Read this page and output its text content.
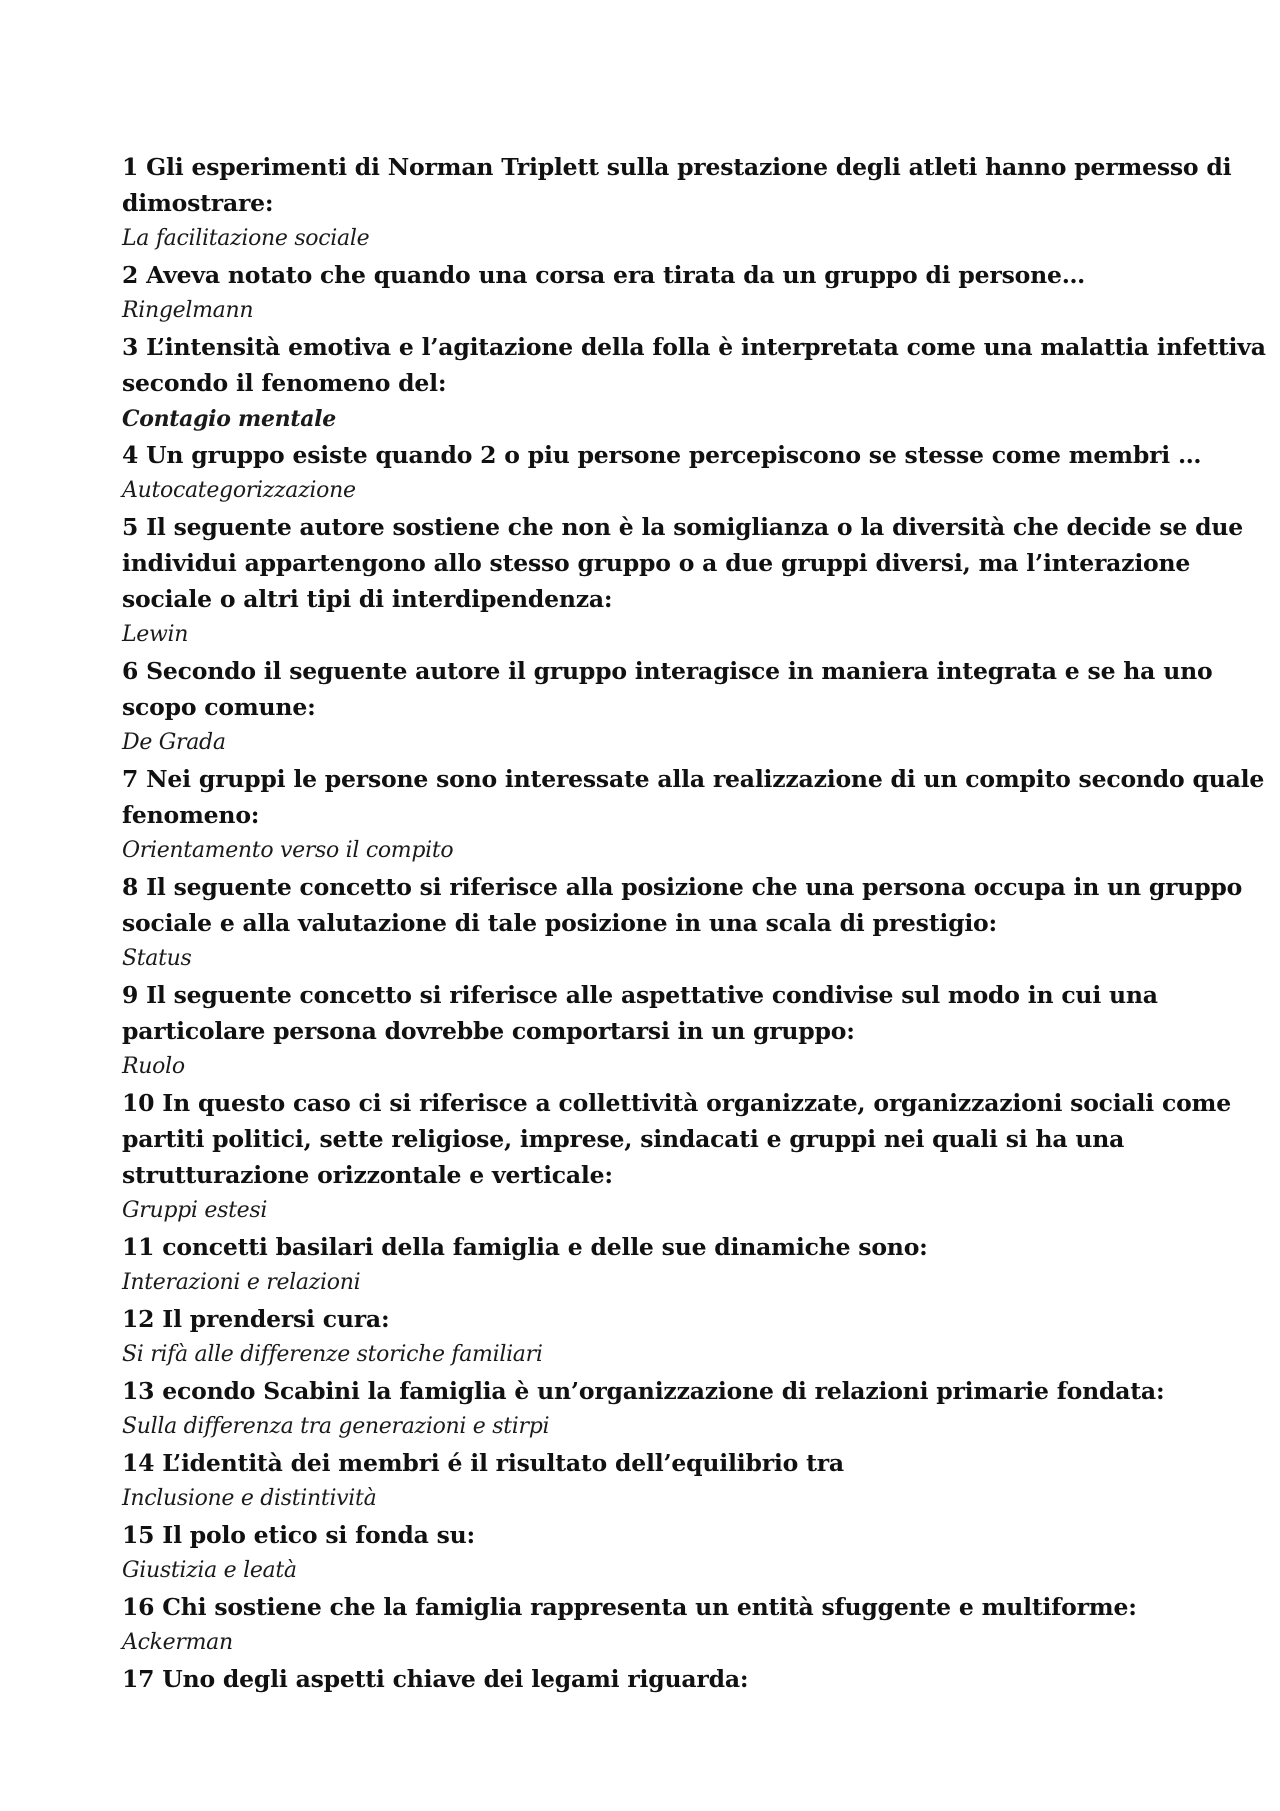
1 Gli esperimenti di Norman Triplett sulla prestazione degli atleti hanno permesso di
dimostrare:
La facilitazione sociale
2 Aveva notato che quando una corsa era tirata da un gruppo di persone…
Ringelmann
3 L’intensità emotiva e l’agitazione della folla è interpretata come una malattia infettiva
secondo il fenomeno del:
Contagio mentale
4 Un gruppo esiste quando 2 o piu persone percepiscono se stesse come membri …
Autocategorizzazione
5 Il seguente autore sostiene che non è la somiglianza o la diversità che decide se due
individui appartengono allo stesso gruppo o a due gruppi diversi, ma l’interazione
sociale o altri tipi di interdipendenza:
Lewin
6 Secondo il seguente autore il gruppo interagisce in maniera integrata e se ha uno
scopo comune:
De Grada
7 Nei gruppi le persone sono interessate alla realizzazione di un compito secondo quale
fenomeno:
Orientamento verso il compito
8 Il seguente concetto si riferisce alla posizione che una persona occupa in un gruppo
sociale e alla valutazione di tale posizione in una scala di prestigio:
Status
9 Il seguente concetto si riferisce alle aspettative condivise sul modo in cui una
particolare persona dovrebbe comportarsi in un gruppo:
Ruolo
10 In questo caso ci si riferisce a collettività organizzate, organizzazioni sociali come
partiti politici, sette religiose, imprese, sindacati e gruppi nei quali si ha una
strutturazione orizzontale e verticale:
Gruppi estesi
11 concetti basilari della famiglia e delle sue dinamiche sono:
Interazioni e relazioni
12 Il prendersi cura:
Si rifà alle differenze storiche familiari
13 econdo Scabini la famiglia è un’organizzazione di relazioni primarie fondata:
Sulla differenza tra generazioni e stirpi
14 L’identità dei membri é il risultato dell’equilibrio tra
Inclusione e distintività
15 Il polo etico si fonda su:
Giustizia e leatà
16 Chi sostiene che la famiglia rappresenta un entità sfuggente e multiforme:
Ackerman
17 Uno degli aspetti chiave dei legami riguarda:
